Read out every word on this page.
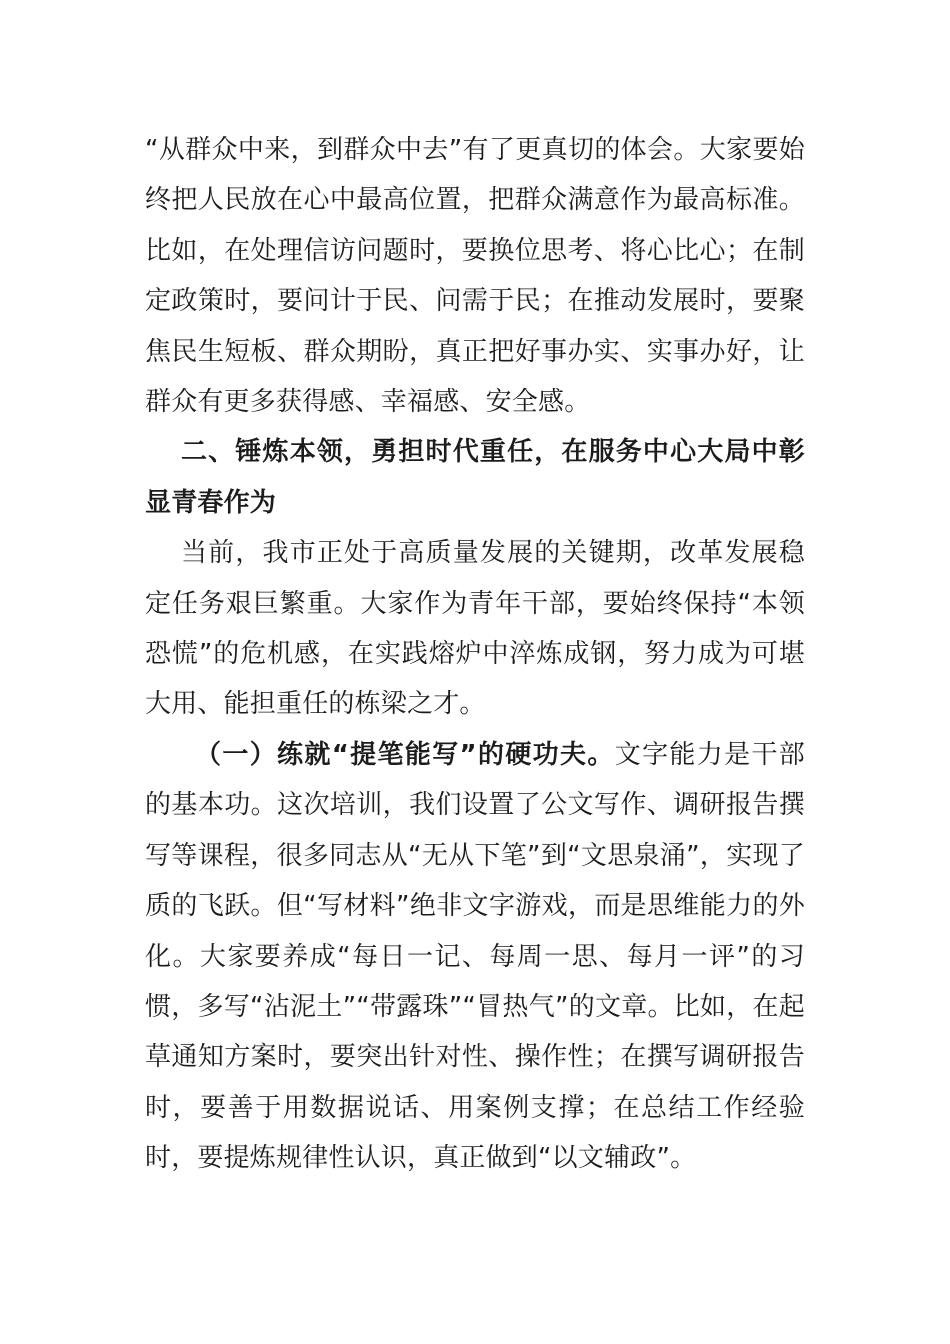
“从群众中来，到群众中去”有了更真切的体会。大家要始终把人民放在心中最高位置，把群众满意作为最高标准。比如，在处理信访问题时，要换位思考、将心比心；在制定政策时，要问计于民、问需于民；在推动发展时，要聚焦民生短板、群众期盼，真正把好事办实、实事办好，让群众有更多获得感、幸福感、安全感。

二、锤炼本领，勇担时代重任，在服务中心大局中彰显青春作为

当前，我市正处于高质量发展的关键期，改革发展稳定任务艰巨繁重。大家作为青年干部，要始终保持“本领恐慌”的危机感，在实践熔炉中淬炼成钢，努力成为可堪大用、能担重任的栋梁之才。

（一）练就“提笔能写”的硬功夫。文字能力是干部的基本功。这次培训，我们设置了公文写作、调研报告撰写等课程，很多同志从“无从下笔”到“文思泉涌”，实现了质的飞跃。但“写材料”绝非文字游戏，而是思维能力的外化。大家要养成“每日一记、每周一思、每月一评”的习惯，多写“沾泥土”“带露珠”“冒热气”的文章。比如，在起草通知方案时，要突出针对性、操作性；在撰写调研报告时，要善于用数据说话、用案例支撑；在总结工作经验时，要提炼规律性认识，真正做到“以文辅政”。
